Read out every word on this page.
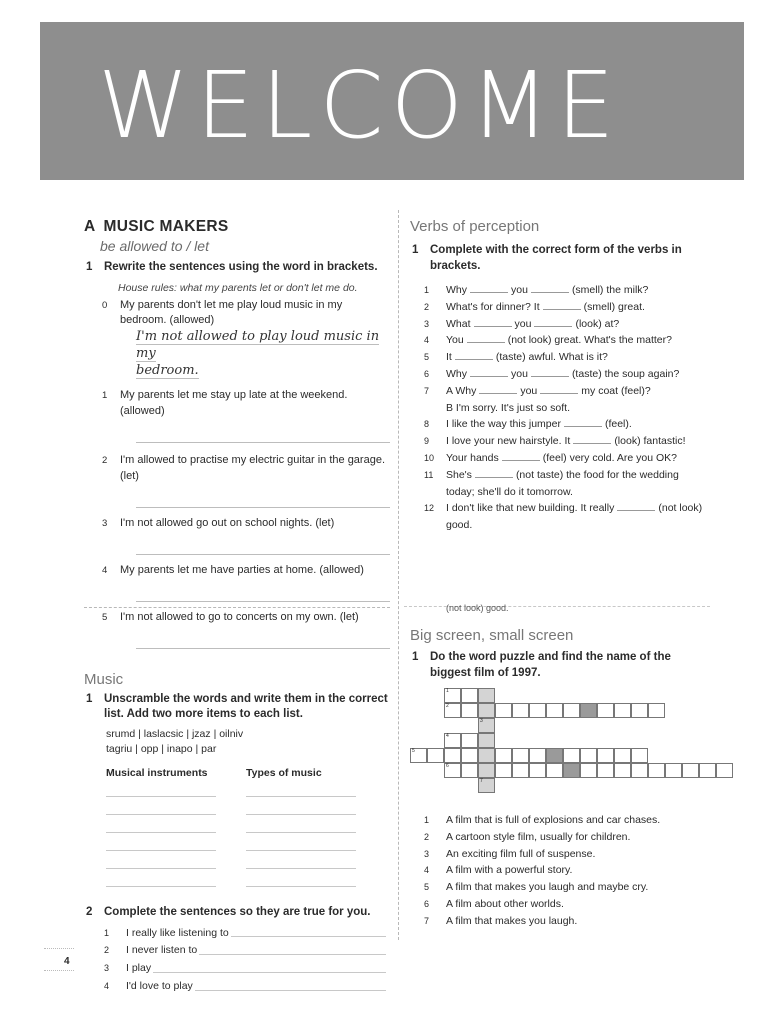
WELCOME
A MUSIC MAKERS
be allowed to / let
1	Rewrite the sentences using the word in brackets.
House rules: what my parents let or don't let me do.
0	My parents don't let me play loud music in my bedroom. (allowed)
I'm not allowed to play loud music in my
bedroom.
1	My parents let me stay up late at the weekend. (allowed)
2	I'm allowed to practise my electric guitar in the garage. (let)
3	I'm not allowed go out on school nights. (let)
4	My parents let me have parties at home. (allowed)
5	I'm not allowed to go to concerts on my own. (let)
Music
1	Unscramble the words and write them in the correct list. Add two more items to each list.
srumd | laslacsic | jzaz | oilniv
tagriu | opp | inapo | par
Musical instruments	Types of music
2	Complete the sentences so they are true for you.
1	I really like listening to
2	I never listen to
3	I play
4	I'd love to play
Verbs of perception
1	Complete with the correct form of the verbs in brackets.
1	Why	you	(smell) the milk?
2	What's for dinner? It	(smell) great.
3	What	you	(look) at?
4	You	(not look) great. What's the matter?
5	It	(taste) awful. What is it?
6	Why	you	(taste) the soup again?
7	A Why	you	my coat (feel)?
B I'm sorry. It's just so soft.
8	I like the way this jumper	(feel).
9	I love your new hairstyle. It	(look) fantastic!
10	Your hands	(feel) very cold. Are you OK?
11	She's	(not taste) the food for the wedding today; she'll do it tomorrow.
12	I don't like that new building. It really	(not look) good.
(not look) good.
Big screen, small screen
1	Do the word puzzle and find the name of the biggest film of 1997.
1
2
3
4
5
6
7
1	A film that is full of explosions and car chases.
2	A cartoon style film, usually for children.
3	An exciting film full of suspense.
4	A film with a powerful story.
5	A film that makes you laugh and maybe cry.
6	A film about other worlds.
7	A film that makes you laugh.
4
